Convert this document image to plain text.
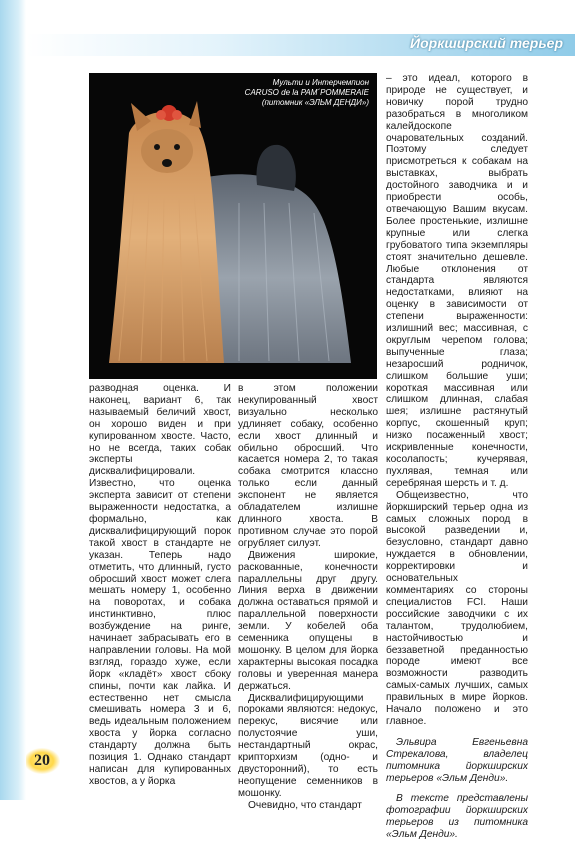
Йоркширский терьер
Мульти и Интерчемпион
CARUSO de la PAM´POMMERAIE
(питомник «ЭЛЬМ ДЕНДИ»)

разводная оценка. И наконец, вариант 6, так называемый беличий хвост, он хорошо виден и при купированном хвосте. Часто, но не всегда, таких собак эксперты дисквалифицировали. Известно, что оценка эксперта зависит от степени выраженности недостатка, а формально, как дисквалифицирующий порок такой хвост в стандарте не указан. Теперь надо отметить, что длинный, густо обросший хвост может слега мешать номеру 1, особенно на поворотах, и собака инстинктивно, плюс возбуждение на ринге, начинает забрасывать его в направлении головы. На мой взгляд, гораздо хуже, если йорк «кладёт» хвост сбоку спины, почти как лайка. И естественно нет смысла смешивать номера 3 и 6, ведь идеальным положением хвоста у йорка согласно стандарту должна быть позиция 1. Однако стандарт написан для купированных хвостов, а у йорка

в этом положении некупированный хвост визуально несколько удлиняет собаку, особенно если хвост длинный и обильно обросший. Что касается номера 2, то такая собака смотрится классно только если данный экспонент не является обладателем излишне длинного хвоста. В противном случае это порой огрубляет силуэт.

Движения широкие, раскованные, конечности параллельны друг другу. Линия верха в движении должна оставаться прямой и параллельной поверхности земли. У кобелей оба семенника опущены в мошонку. В целом для йорка характерны высокая посадка головы и уверенная манера держаться.

Дисквалифицирующими пороками являются: недокус, перекус, висячие или полустоячие уши, нестандартный окрас, крипторхизм (одно- и двусторонний), то есть неопущение семенников в мошонку.

Очевидно, что стандарт

– это идеал, которого в природе не существует, и новичку порой трудно разобраться в многоликом калейдоскопе очаровательных созданий. Поэтому следует присмотреться к собакам на выставках, выбрать достойного заводчика и и приобрести особь, отвечающую Вашим вкусам. Более простенькие, излишне крупные или слегка грубоватого типа экземпляры стоят значительно дешевле. Любые отклонения от стандарта являются недостатками, влияют на оценку в зависимости от степени выраженности: излишний вес; массивная, с округлым черепом голова; выпученные глаза; незаросший родничок, слишком большие уши; короткая массивная или слишком длинная, слабая шея; излишне растянутый корпус, скошенный круп; низко посаженный хвост; искривленные конечности, косолапость; кучерявая, пухлявая, темная или серебряная шерсть и т. д.

Общеизвестно, что йоркширский терьер одна из самых сложных пород в высокой разведении и, безусловно, стандарт давно нуждается в обновлении, корректировки и основательных комментариях со стороны специалистов FCI. Наши российские заводчики с их талантом, трудолюбием, настойчивостью и беззаветной преданностью породе имеют все возможности разводить самых-самых лучших, самых правильных в мире йорков. Начало положено и это главное.

Эльвира Евгеньевна Стрекалова, владелец питомника йоркширских терьеров «Эльм Денди».

В тексте представлены фотографии йоркширских терьеров из питомника «Эльм Денди».

20
